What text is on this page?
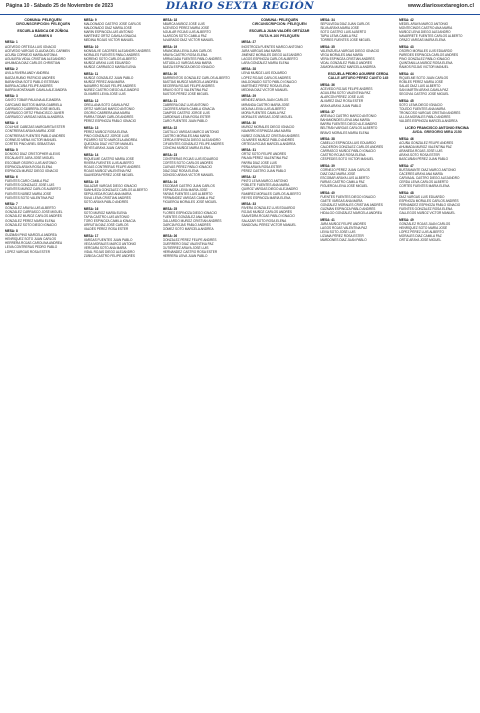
Página 10 - Sábado 25 de Noviembre de 2023	DIARIO SEXTA REGIÓN	www.diariosextaregion.cl
COMUNA: PELEQUÉN
CIRCUNSCRIPCIÓN: PELEQUÉN
ESCUELA BÁSICA DE ZÚÑIGA
CARMEN II
MESA: 1
ACEVEDO ORTEGA LUIS IGNACIO
ACEVEDO VARGAS CLAUDIA DEL CARMEN
ACUÑA CORNEJO MARÍA ANTONIA
AGUILERA VIDAL CRISTIAN ALEJANDRO
AHUMADA DÍAZ CARLOS CHRISTIAN
MESA: 2
ÁVILA RIVERA ANDY ANDREA
BAEZA RUBIO PATRICIO ANDRÉS
BARAHONA SOTO PABLO ESTEBAN
BARRA ACUÑA FELIPE ANDRÉS
BARRA MONTANARI CAMILA ALEJANDRA
MESA: 3
CANTO TOBAR PAULINA ALEJANDRA
CARCAMO BUSTOS MARÍA GABRIELA
CARRASCO CABRERA JOSÉ MIGUEL
CARRASCO ORTIZ FRANCISCO JAVIER
CARRASCO VARGAS NATALIA ANDREA
MESA: 4
COLIHUE CABEZAS MARGARITA ESTER
CONTRERAS ARAYA MARÍA JOSÉ
CONTRERAS FUENTES PABLO ANDRÉS
CORNEJO MENA VICTOR MANUEL
CORTÉS PINO ARIEL SEBASTIAN
MESA: 5
DONOSO DÍAZ CRISTOPHER ALEXIS
ESCALANTE JARA JOSÉ MIGUEL
ESCOBAR OSORIO LUIS ANTONIO
ESPINOZA ARAYA ROSA ELENA
ESPINOZA MUÑOZ DIEGO IGNACIO
MESA: 6
FUENTES CARO CAMILA PAZ
FUENTES GONZÁLEZ JOSÉ LUIS
FUENTES MUÑOZ CARLOS ALBERTO
FUENTES NÚÑEZ MARÍA JOSÉ
FUENTES SOTO VALENTINA PAZ
MESA: 7
GONZÁLEZ ARAYA LUIS ALBERTO
GONZÁLEZ CARRASCO JOSÉ MIGUEL
GONZÁLEZ MUÑOZ CARLOS ANDRÉS
GONZÁLEZ PÉREZ MARÍA ELENA
GONZÁLEZ SOTO DIEGO IGNACIO
MESA: 8
GUZMÁN PINO MARCELA ANDREA
HENRÍQUEZ SOTO JUAN CARLOS
HERRERA ROJAS CAROLINA ANDREA
LEIVA CONTRERAS PEDRO PABLO
LÓPEZ VARGAS ROSA ESTER
MESA: 9
MALDONADO CASTRO JOSÉ CARLOS
MALDONADO DÍAZ MARÍA JOSÉ
MARÍN ESPINOZA LUIS ANTONIO
MARTÍNEZ ORTIZ CAMILA IGNACIA
MEDINA ROJAS VICTOR MANUEL
MESA: 10
MONSALVE CÁCERES ALEJANDRO ANDRÉS
MORALES FUENTES PABLO ANDRÉS
MORENO SOTO CARLOS ALBERTO
MUÑOZ ARAYA LUIS EDUARDO
MUÑOZ CARRASCO MARÍA ELENA
MESA: 11
MUÑOZ GONZÁLEZ JUAN PABLO
MUÑOZ PÉREZ ANA MARÍA
NAVARRO ROJAS FELIPE ANDRÉS
NÚÑEZ CASTRO DIEGO ALEJANDRO
OLIVARES LEIVA JOSÉ LUIS
MESA: 12
ORELLANA SOTO CAMILA PAZ
ORTIZ VARGAS MARCO ANTONIO
OSORIO CABRERA ANA MARÍA
PARRA TOBAR CARLOS ANDRÉS
PÉREZ ESPINOZA PABLO IGNACIO
MESA: 13
PÉREZ MUÑOZ ROSA ELENA
PINO GONZÁLEZ JORGE LUIS
PIZARRO SOTO MARCELA ANDREA
QUEZADA DÍAZ VICTOR MANUEL
REYES ARAYA JUAN CARLOS
MESA: 14
RIQUELME CASTRO MARÍA JOSÉ
RIVERA FUENTES LUIS ALBERTO
ROJAS CONTRERAS FELIPE ANDRÉS
ROJAS MUÑOZ VALENTINA PAZ
SAAVEDRA PÉREZ JOSÉ MIGUEL
MESA: 15
SALAZAR VARGAS DIEGO IGNACIO
SANHUEZA GONZÁLEZ CARLOS ALBERTO
SEPÚLVEDA ROJAS ANA MARÍA
SILVA LEIVA CRISTIAN ANDRÉS
SOTO ARAYA PABLO ANDRÉS
MESA: 16
SOTO MUÑOZ MARÍA ELENA
TAPIA CASTRO LUIS ANTONIO
TORO ESPINOZA CAMILA IGNACIA
URRUTIA DÍAZ JOSÉ CARLOS
VALDÉS PÉREZ ROSA ESTER
MESA: 17
VARGAS FUENTES JUAN PABLO
VEGA MORALES MARCO ANTONIO
VERGARA SOTO ANA MARÍA
VIDAL ROJAS DIEGO ALEJANDRO
ZÚÑIGA CASTRO FELIPE ANDRÉS
MESA: 18
ABARCA MUÑOZ JOSÉ LUIS
ACEVEDO PÉREZ MARÍA JOSÉ
AGUILAR ROJAS LUIS ALBERTO
ALARCÓN SOTO CAMILA PAZ
ALVARADO DÍAZ VICTOR MANUEL
MESA: 19
ARANCIBIA LEIVA JUAN CARLOS
ARAYA CASTRO ROSA ELENA
ARRIAGADA FUENTES PABLO ANDRÉS
ASTUDILLO VARGAS ANA MARÍA
BAEZA ESPINOZA DIEGO IGNACIO
MESA: 20
BARRIENTOS GONZÁLEZ CARLOS ALBERTO
BASTÍAS MUÑOZ MARCELA ANDREA
BECERRA ROJAS FELIPE ANDRÉS
BRAVO SOTO VALENTINA PAZ
BUSTOS PÉREZ JOSÉ MIGUEL
MESA: 21
CABRERA DÍAZ LUIS ANTONIO
CÁCERES ARAYA CAMILA IGNACIA
CAMPOS CASTRO JORGE LUIS
CÁRDENAS LEIVA ROSA ESTER
CARO FUENTES JUAN PABLO
MESA: 22
CASTILLO VARGAS MARCO ANTONIO
CASTRO MORALES ANA MARÍA
CERDA ESPINOZA DIEGO ALEJANDRO
CIFUENTES GONZÁLEZ FELIPE ANDRÉS
CONCHA MUÑOZ MARÍA ELENA
MESA: 23
CONTRERAS ROJAS LUIS EDUARDO
CORTÉS SOTO CARLOS ANDRÉS
CUEVAS PÉREZ PABLO IGNACIO
DÍAZ DÍAZ ROSA ELENA
DONOSO ARAYA VICTOR MANUEL
MESA: 24
ESCOBAR CASTRO JUAN CARLOS
ESPINOZA LEIVA MARÍA JOSÉ
FARÍAS FUENTES LUIS ALBERTO
FERNÁNDEZ VARGAS CAMILA PAZ
FIGUEROA MORALES JOSÉ MIGUEL
MESA: 25
FLORES ESPINOZA DIEGO IGNACIO
FUENTES GONZÁLEZ ANA MARÍA
GALLARDO MUÑOZ CRISTIAN ANDRÉS
GARCÍA ROJAS PABLO ANDRÉS
GÓMEZ SOTO MARCELA ANDREA
MESA: 26
GONZÁLEZ PÉREZ FELIPE ANDRÉS
GUERRERO DÍAZ VALENTINA PAZ
GUTIÉRREZ ARAYA JOSÉ LUIS
HERNÁNDEZ CASTRO ROSA ESTER
HERRERA LEIVA JUAN PABLO
COMUNA: PELEQUÉN
CIRCUNSCRIPCIÓN: PELEQUÉN
ESCUELA JUAN VALDÉS ORTÚZAR
RUTA H-100 PELEQUÉN
MESA: 27
INOSTROZA FUENTES MARCO ANTONIO
JARA VARGAS ANA MARÍA
JIMÉNEZ MORALES DIEGO ALEJANDRO
LAGOS ESPINOZA CARLOS ALBERTO
LARA GONZÁLEZ MARÍA ELENA
MESA: 28
LEIVA MUÑOZ LUIS EDUARDO
LÓPEZ ROJAS CARLOS ANDRÉS
MALDONADO SOTO PABLO IGNACIO
MARTÍNEZ PÉREZ ROSA ELENA
MEDINA DÍAZ VICTOR MANUEL
MESA: 29
MÉNDEZ ARAYA JUAN CARLOS
MIRANDA CASTRO MARÍA JOSÉ
MOLINA LEIVA LUIS ALBERTO
MORA FUENTES CAMILA PAZ
MORALES VARGAS JOSÉ MIGUEL
MESA: 30
MUÑOZ MORALES DIEGO IGNACIO
NAVARRO ESPINOZA ANA MARÍA
NÚÑEZ GONZÁLEZ CRISTIAN ANDRÉS
OLIVARES MUÑOZ PABLO ANDRÉS
ORTEGA ROJAS MARCELA ANDREA
MESA: 31
ORTIZ SOTO FELIPE ANDRÉS
PALMA PÉREZ VALENTINA PAZ
PARRA DÍAZ JOSÉ LUIS
PEÑA ARAYA ROSA ESTER
PÉREZ CASTRO JUAN PABLO
MESA: 32
PINTO LEIVA MARCO ANTONIO
POBLETE FUENTES ANA MARÍA
QUIROZ VARGAS DIEGO ALEJANDRO
RAMÍREZ MORALES CARLOS ALBERTO
REYES ESPINOZA MARÍA ELENA
MESA: 33
RIVERA GONZÁLEZ LUIS EDUARDO
ROJAS MUÑOZ CARLOS ANDRÉS
SAAVEDRA ROJAS PABLO IGNACIO
SALAZAR SOTO ROSA ELENA
SANDOVAL PÉREZ VICTOR MANUEL
MESA: 34
SEPÚLVEDA DÍAZ JUAN CARLOS
SILVA ARAYA MARÍA JOSÉ
SOTO CASTRO LUIS ALBERTO
TAPIA LEIVA CAMILA PAZ
TORRES FUENTES JOSÉ MIGUEL
MESA: 35
VALENZUELA VARGAS DIEGO IGNACIO
VEGA MORALES ANA MARÍA
VERA ESPINOZA CRISTIAN ANDRÉS
VIDAL GONZÁLEZ PABLO ANDRÉS
ZAMORA MUÑOZ MARCELA ANDREA
ESCUELA PEDRO AGUIRRE CERDA
CALLE ARTURO PÉREZ CANTO 145
MESA: 36
ACEVEDO ROJAS FELIPE ANDRÉS
AGUILERA SOTO VALENTINA PAZ
ALARCÓN PÉREZ JOSÉ LUIS
ÁLVAREZ DÍAZ ROSA ESTER
ARAYA ARAYA JUAN PABLO
MESA: 37
ARÉVALO CASTRO MARCO ANTONIO
BAHAMONDES LEIVA ANA MARÍA
BARRA FUENTES DIEGO ALEJANDRO
BELTRÁN VARGAS CARLOS ALBERTO
BRAVO MORALES MARÍA ELENA
MESA: 38
CABELLO ESPINOZA LUIS EDUARDO
CALDERÓN GONZÁLEZ CARLOS ANDRÉS
CARRASCO MUÑOZ PABLO IGNACIO
CASTRO ROJAS ROSA ELENA
CÉSPEDES SOTO VICTOR MANUEL
MESA: 39
CORNEJO PÉREZ JUAN CARLOS
DÍAZ DÍAZ MARÍA JOSÉ
ESCOBAR ARAYA LUIS ALBERTO
FARÍAS CASTRO CAMILA PAZ
FIGUEROA LEIVA JOSÉ MIGUEL
MESA: 40
FUENTES FUENTES DIEGO IGNACIO
GAETE VARGAS ANA MARÍA
GONZÁLEZ MORALES CRISTIAN ANDRÉS
GUZMÁN ESPINOZA PABLO ANDRÉS
HIDALGO GONZÁLEZ MARCELA ANDREA
MESA: 41
JARA MUÑOZ FELIPE ANDRÉS
LAGOS ROJAS VALENTINA PAZ
LEIVA SOTO JOSÉ LUIS
LIZAMA PÉREZ ROSA ESTER
MARDONES DÍAZ JUAN PABLO
MESA: 42
MEDEL ARAYA MARCO ANTONIO
MONTECINOS CASTRO ANA MARÍA
MUÑOZ LEIVA DIEGO ALEJANDRO
NAVARRETE FUENTES CARLOS ALBERTO
OPAZO VARGAS MARÍA ELENA
MESA: 43
OSORIO MORALES LUIS EDUARDO
PAREDES ESPINOZA CARLOS ANDRÉS
PINO GONZÁLEZ PABLO IGNACIO
QUINTANILLA MUÑOZ ROSA ELENA
RAMOS ROJAS VICTOR MANUEL
MESA: 44
RIQUELME SOTO JUAN CARLOS
ROBLES PÉREZ MARÍA JOSÉ
SALAS DÍAZ LUIS ALBERTO
SAN MARTÍN ARAYA CAMILA PAZ
SEGOVIA CASTRO JOSÉ MIGUEL
MESA: 45
SOTO LEIVA DIEGO IGNACIO
TOLEDO FUENTES ANA MARÍA
TRONCOSO VARGAS CRISTIAN ANDRÉS
ULLOA MORALES PABLO ANDRÉS
VALDÉS ESPINOZA MARCELA ANDREA
LICEO FRANCISCO ANTONIO ENCINA
AVDA. GREGORIO MIRA 2150
MESA: 46
ACUÑA GONZÁLEZ FELIPE ANDRÉS
AHUMADA MUÑOZ VALENTINA PAZ
ARANEDA ROJAS JOSÉ LUIS
ARAYA SOTO ROSA ESTER
BASCUÑÁN PÉREZ JUAN PABLO
MESA: 47
BUSTAMANTE DÍAZ MARCO ANTONIO
CÁCERES ARAYA ANA MARÍA
CARVAJAL CASTRO DIEGO ALEJANDRO
CERDA LEIVA CARLOS ALBERTO
CORTÉS FUENTES MARÍA ELENA
MESA: 48
DÍAZ VARGAS LUIS EDUARDO
ESPINOZA MORALES CARLOS ANDRÉS
FERNÁNDEZ ESPINOZA PABLO IGNACIO
FUENTES GONZÁLEZ ROSA ELENA
GALLEGOS MUÑOZ VICTOR MANUEL
MESA: 49
GONZÁLEZ ROJAS JUAN CARLOS
HENRÍQUEZ SOTO MARÍA JOSÉ
LÓPEZ PÉREZ LUIS ALBERTO
MORALES DÍAZ CAMILA PAZ
ORTIZ ARAYA JOSÉ MIGUEL
